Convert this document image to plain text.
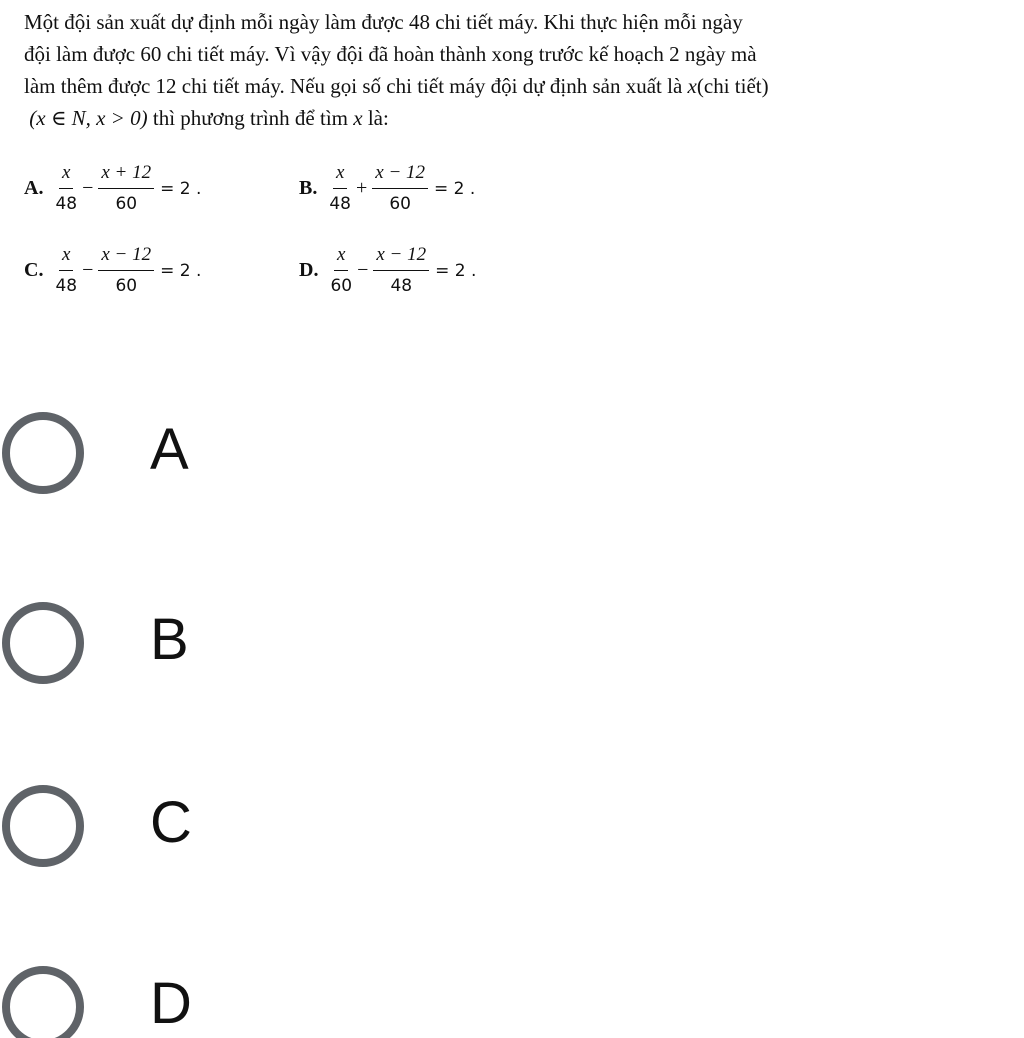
Một đội sản xuất dự định mỗi ngày làm được 48 chi tiết máy. Khi thực hiện mỗi ngày
đội làm được 60 chi tiết máy. Vì vậy đội đã hoàn thành xong trước kế hoạch 2 ngày mà
làm thêm được 12 chi tiết máy. Nếu gọi số chi tiết máy đội dự định sản xuất là x(chi tiết)
(x ∈ N, x > 0) thì phương trình để tìm x là:
A. $\frac{x}{48} - \frac{x + 12}{60} = 2$ .	B. $\frac{x}{48} + \frac{x - 12}{60} = 2$ .
C. $\frac{x}{48} - \frac{x - 12}{60} = 2$ .	D. $\frac{x}{60} - \frac{x - 12}{48} = 2$ .
A
B
C
D
